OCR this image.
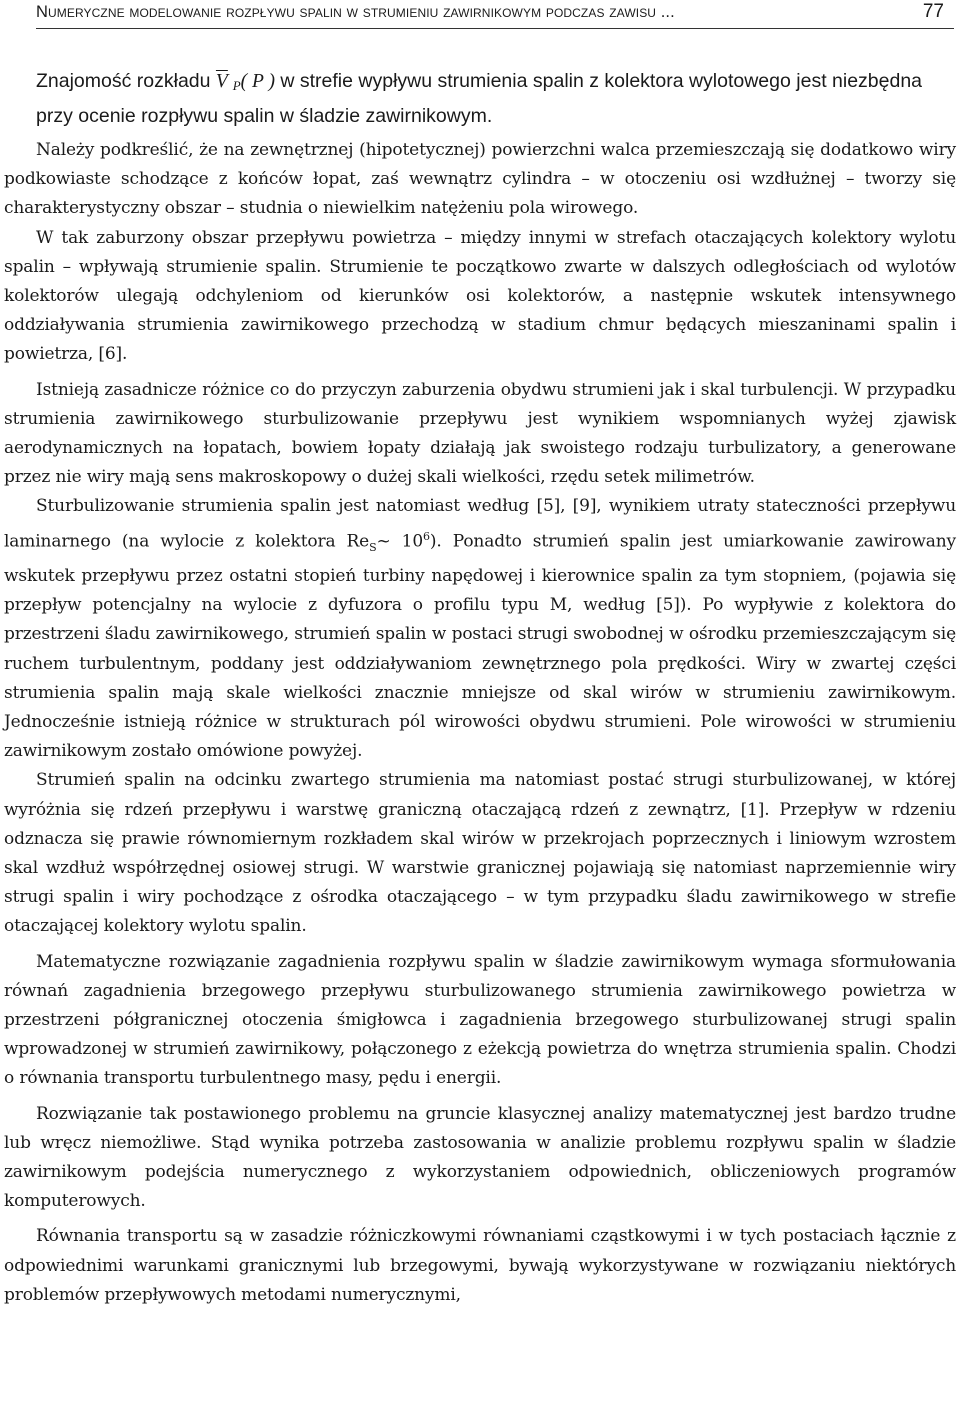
Numeryczne modelowanie rozpływu spalin w strumieniu zawirnikowym podczas zawisu ...	77

Znajomość rozkładu $\overline{V}$ $_P$( P ) w strefie wypływu strumienia spalin z kolektora wylotowego jest niezbędna przy ocenie rozpływu spalin w śladzie zawirnikowym.

Należy podkreślić, że na zewnętrznej (hipotetycznej) powierzchni walca przemieszczają się dodatkowo wiry podkowiaste schodzące z końców łopat, zaś wewnątrz cylindra – w otoczeniu osi wzdłużnej – tworzy się charakterystyczny obszar – studnia o niewielkim natężeniu pola wirowego.

W tak zaburzony obszar przepływu powietrza – między innymi w strefach otaczających kolektory wylotu spalin – wpływają strumienie spalin. Strumienie te początkowo zwarte w dalszych odległościach od wylotów kolektorów ulegają odchyleniom od kierunków osi kolektorów, a następnie wskutek intensywnego oddziaływania strumienia zawirnikowego przechodzą w stadium chmur będących mieszaninami spalin i powietrza, [6].

Istnieją zasadnicze różnice co do przyczyn zaburzenia obydwu strumieni jak i skal turbulencji. W przypadku strumienia zawirnikowego sturbulizowanie przepływu jest wynikiem wspomnianych wyżej zjawisk aerodynamicznych na łopatach, bowiem łopaty działają jak swoistego rodzaju turbulizatory, a generowane przez nie wiry mają sens makroskopowy o dużej skali wielkości, rzędu setek milimetrów.

Sturbulizowanie strumienia spalin jest natomiast według [5], [9], wynikiem utraty stateczności przepływu laminarnego (na wylocie z kolektora $Re_S\sim$ $10^6$). Ponadto strumień spalin jest umiarkowanie zawirowany wskutek przepływu przez ostatni stopień turbiny napędowej i kierownice spalin za tym stopniem, (pojawia się przepływ potencjalny na wylocie z dyfuzora o profilu typu M, według [5]). Po wypływie z kolektora do przestrzeni śladu zawirnikowego, strumień spalin w postaci strugi swobodnej w ośrodku przemieszczającym się ruchem turbulentnym, poddany jest oddziaływaniom zewnętrznego pola prędkości. Wiry w zwartej części strumienia spalin mają skale wielkości znacznie mniejsze od skal wirów w strumieniu zawirnikowym. Jednocześnie istnieją różnice w strukturach pól wirowości obydwu strumieni. Pole wirowości w strumieniu zawirnikowym zostało omówione powyżej.

Strumień spalin na odcinku zwartego strumienia ma natomiast postać strugi sturbulizowanej, w której wyróżnia się rdzeń przepływu i warstwę graniczną otaczającą rdzeń z zewnątrz, [1]. Przepływ w rdzeniu odznacza się prawie równomiernym rozkładem skal wirów w przekrojach poprzecznych i liniowym wzrostem skal wzdłuż współrzędnej osiowej strugi. W warstwie granicznej pojawiają się natomiast naprzemiennie wiry strugi spalin i wiry pochodzące z ośrodka otaczającego – w tym przypadku śladu zawirnikowego w strefie otaczającej kolektory wylotu spalin.

Matematyczne rozwiązanie zagadnienia rozpływu spalin w śladzie zawirnikowym wymaga sformułowania równań zagadnienia brzegowego przepływu sturbulizowanego strumienia zawirnikowego powietrza w przestrzeni półgranicznej otoczenia śmigłowca i zagadnienia brzegowego sturbulizowanej strugi spalin wprowadzonej w strumień zawirnikowy, połączonego z eżekcją powietrza do wnętrza strumienia spalin. Chodzi o równania transportu turbulentnego masy, pędu i energii.

Rozwiązanie tak postawionego problemu na gruncie klasycznej analizy matematycznej jest bardzo trudne lub wręcz niemożliwe. Stąd wynika potrzeba zastosowania w analizie problemu rozpływu spalin w śladzie zawirnikowym podejścia numerycznego z wykorzystaniem odpowiednich, obliczeniowych programów komputerowych.

Równania transportu są w zasadzie różniczkowymi równaniami cząstkowymi i w tych postaciach łącznie z odpowiednimi warunkami granicznymi lub brzegowymi, bywają wykorzystywane w rozwiązaniu niektórych problemów przepływowych metodami numerycznymi,
